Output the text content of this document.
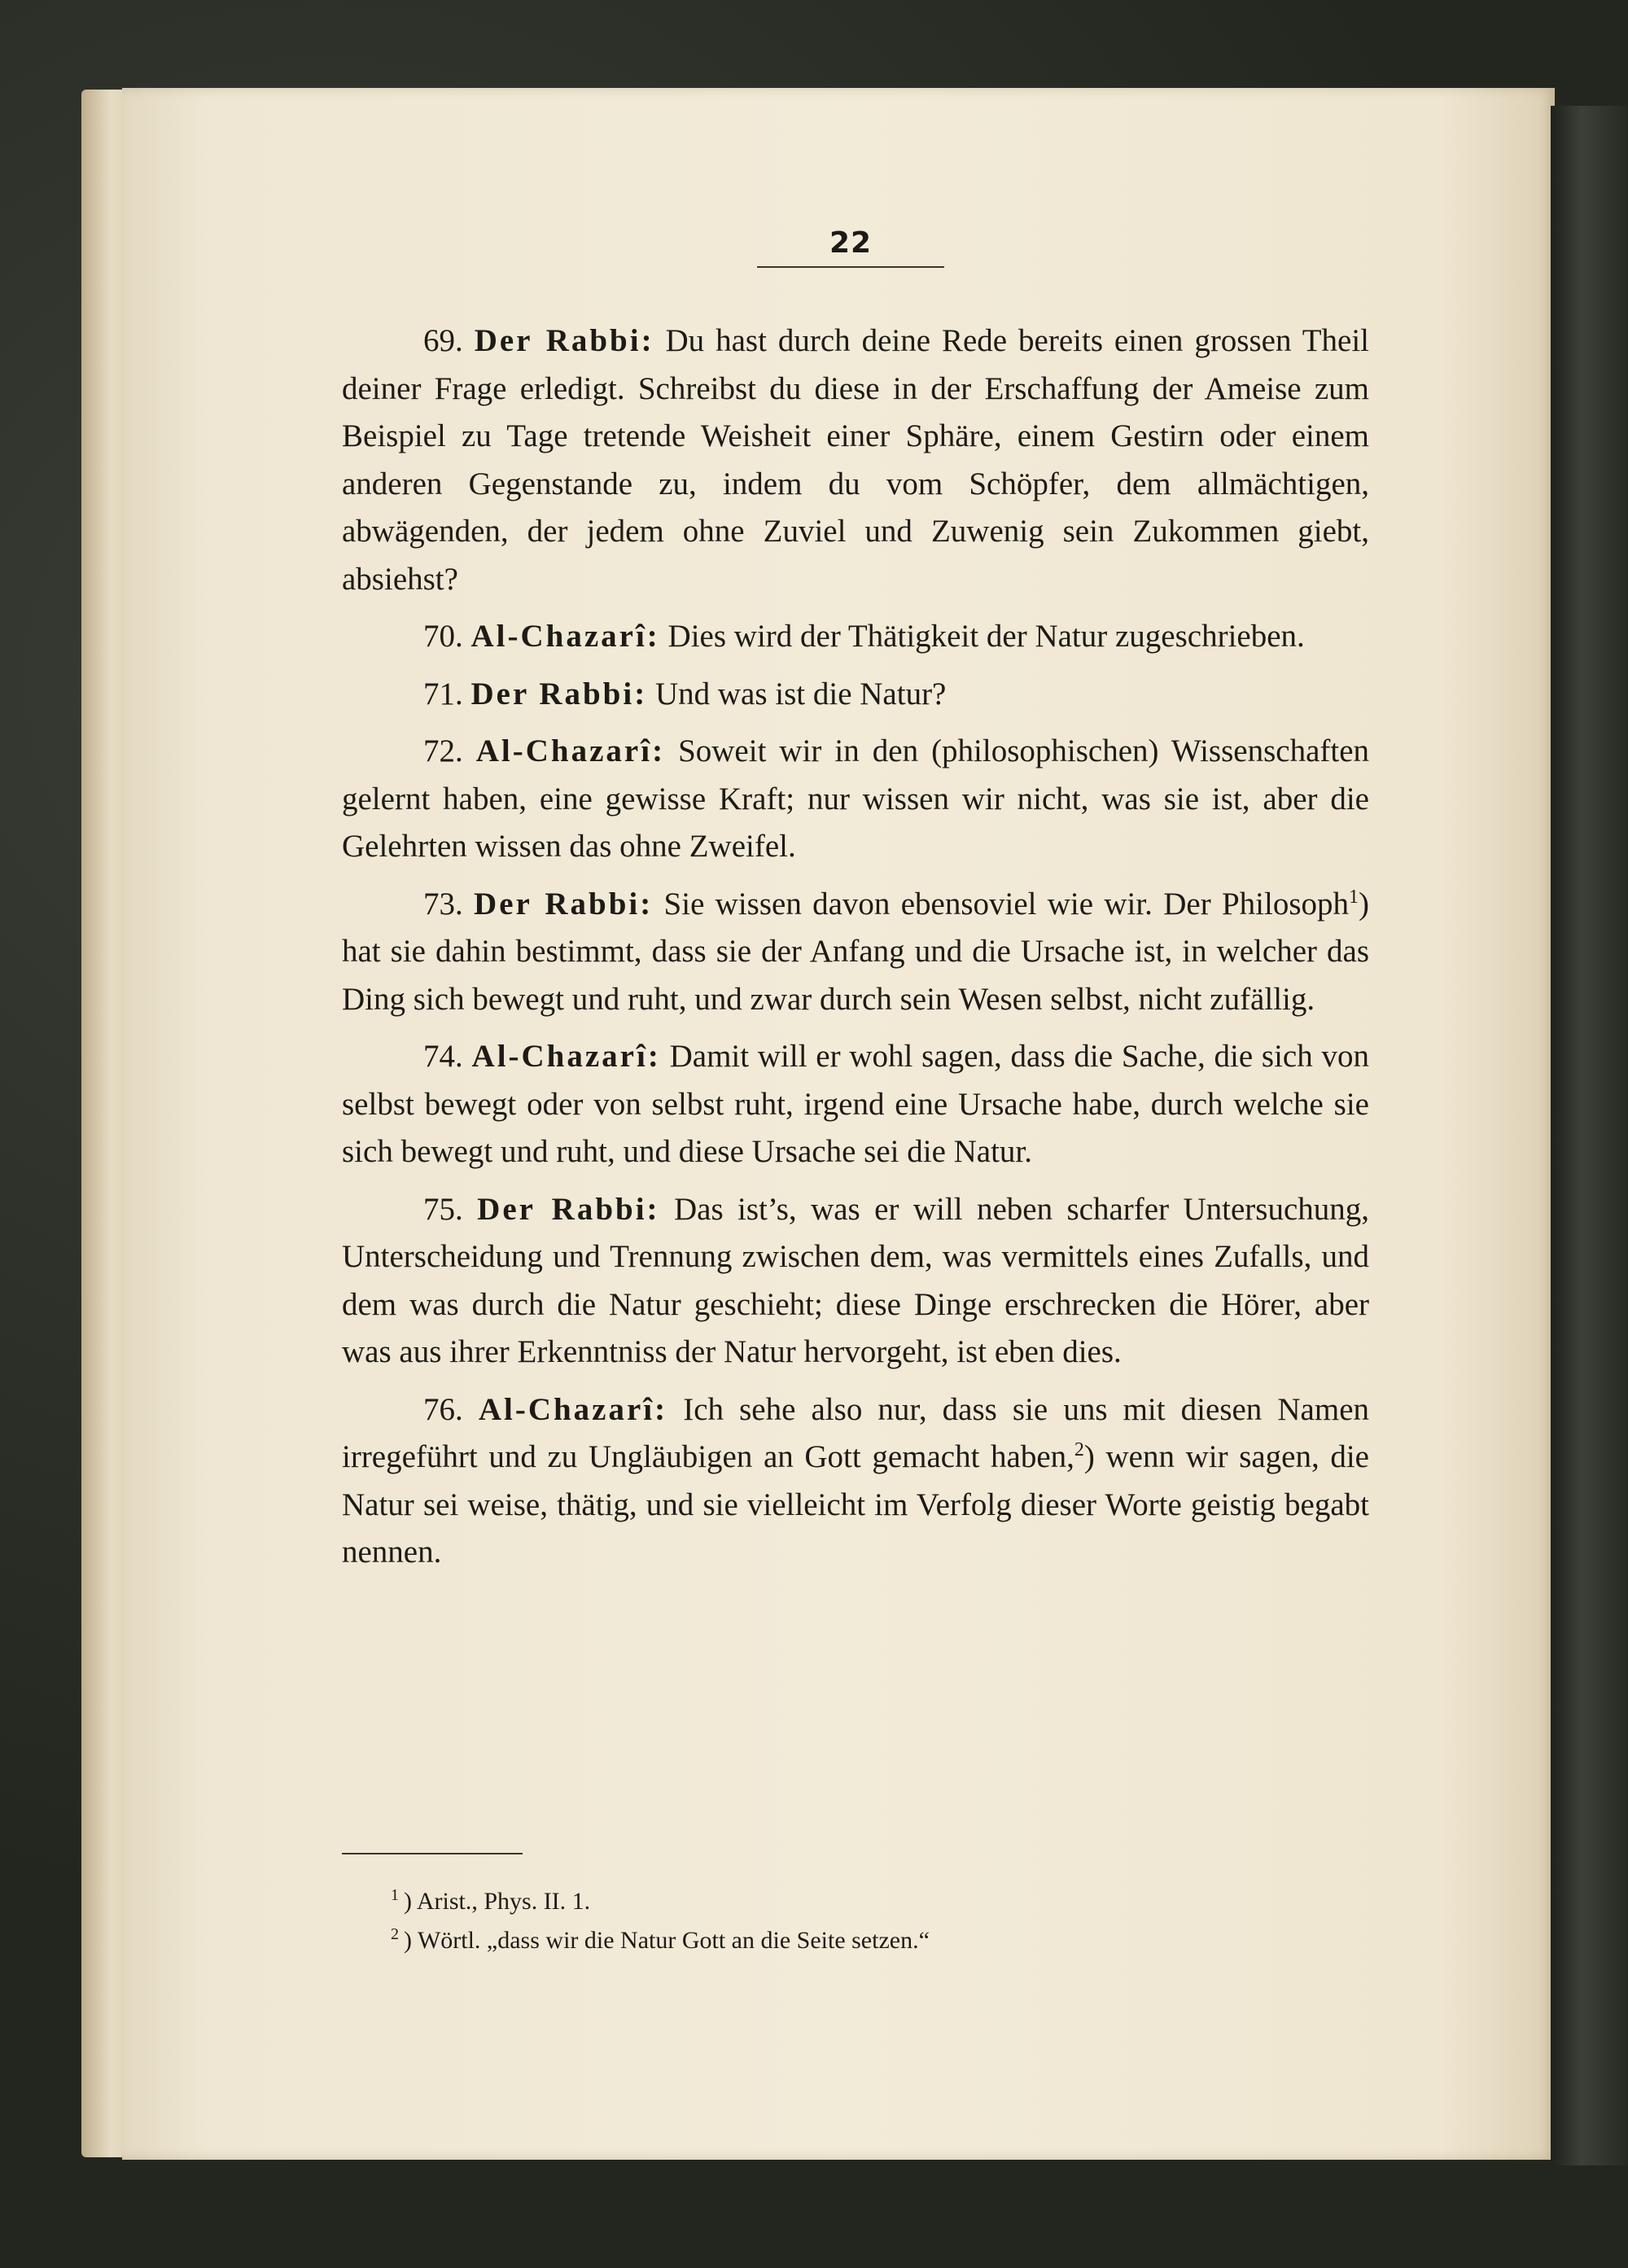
22

69. Der Rabbi: Du hast durch deine Rede bereits einen grossen Theil deiner Frage erledigt. Schreibst du diese in der Erschaffung der Ameise zum Beispiel zu Tage tretende Weisheit einer Sphäre, einem Gestirn oder einem anderen Gegenstande zu, indem du vom Schöpfer, dem allmächtigen, abwägenden, der jedem ohne Zuviel und Zuwenig sein Zukommen giebt, absiehst?

70. Al-Chazarî: Dies wird der Thätigkeit der Natur zugeschrieben.

71. Der Rabbi: Und was ist die Natur?

72. Al-Chazarî: Soweit wir in den (philosophischen) Wissenschaften gelernt haben, eine gewisse Kraft; nur wissen wir nicht, was sie ist, aber die Gelehrten wissen das ohne Zweifel.

73. Der Rabbi: Sie wissen davon ebensoviel wie wir. Der Philosoph$^1$) hat sie dahin bestimmt, dass sie der Anfang und die Ursache ist, in welcher das Ding sich bewegt und ruht, und zwar durch sein Wesen selbst, nicht zufällig.

74. Al-Chazarî: Damit will er wohl sagen, dass die Sache, die sich von selbst bewegt oder von selbst ruht, irgend eine Ursache habe, durch welche sie sich bewegt und ruht, und diese Ursache sei die Natur.

75. Der Rabbi: Das ist’s, was er will neben scharfer Untersuchung, Unterscheidung und Trennung zwischen dem, was vermittels eines Zufalls, und dem was durch die Natur geschieht; diese Dinge erschrecken die Hörer, aber was aus ihrer Erkenntniss der Natur hervorgeht, ist eben dies.

76. Al-Chazarî: Ich sehe also nur, dass sie uns mit diesen Namen irregeführt und zu Ungläubigen an Gott gemacht haben,$^2$) wenn wir sagen, die Natur sei weise, thätig, und sie vielleicht im Verfolg dieser Worte geistig begabt nennen.

$^1$ ) Arist., Phys. II. 1.
$^2$ ) Wörtl. „dass wir die Natur Gott an die Seite setzen.“
